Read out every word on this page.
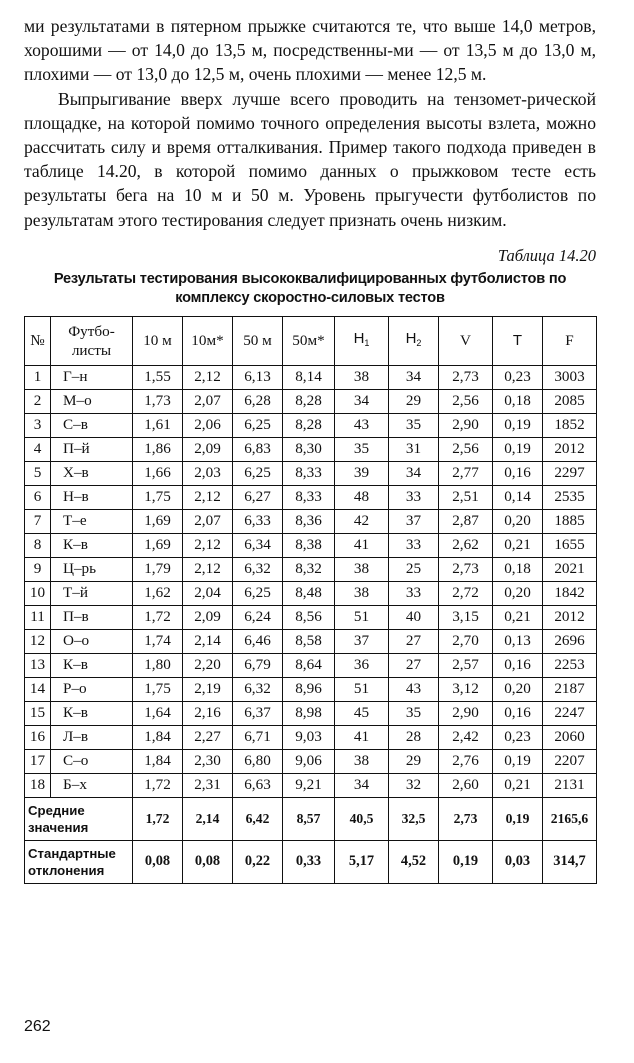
ми результатами в пятерном прыжке считаются те, что выше 14,0 метров, хорошими — от 14,0 до 13,5 м, посредственны-ми — от 13,5 м до 13,0 м, плохими — от 13,0 до 12,5 м, очень плохими — менее 12,5 м.

Выпрыгивание вверх лучше всего проводить на тензомет-рической площадке, на которой помимо точного определения высоты взлета, можно рассчитать силу и время отталкивания. Пример такого подхода приведен в таблице 14.20, в которой помимо данных о прыжковом тесте есть результаты бега на 10 м и 50 м. Уровень прыгучести футболистов по результатам этого тестирования следует признать очень низким.

Таблица 14.20
Результаты тестирования высококвалифицированных футболистов по комплексу скоростно-силовых тестов
№	Футбо-листы	10 м	10м*	50 м	50м*	$H_1$	$H_2$	V	T	F
1	Г–н	1,55	2,12	6,13	8,14	38	34	2,73	0,23	3003
2	М–о	1,73	2,07	6,28	8,28	34	29	2,56	0,18	2085
3	С–в	1,61	2,06	6,25	8,28	43	35	2,90	0,19	1852
4	П–й	1,86	2,09	6,83	8,30	35	31	2,56	0,19	2012
5	Х–в	1,66	2,03	6,25	8,33	39	34	2,77	0,16	2297
6	Н–в	1,75	2,12	6,27	8,33	48	33	2,51	0,14	2535
7	Т–е	1,69	2,07	6,33	8,36	42	37	2,87	0,20	1885
8	К–в	1,69	2,12	6,34	8,38	41	33	2,62	0,21	1655
9	Ц–рь	1,79	2,12	6,32	8,32	38	25	2,73	0,18	2021
10	Т–й	1,62	2,04	6,25	8,48	38	33	2,72	0,20	1842
11	П–в	1,72	2,09	6,24	8,56	51	40	3,15	0,21	2012
12	О–о	1,74	2,14	6,46	8,58	37	27	2,70	0,13	2696
13	К–в	1,80	2,20	6,79	8,64	36	27	2,57	0,16	2253
14	Р–о	1,75	2,19	6,32	8,96	51	43	3,12	0,20	2187
15	К–в	1,64	2,16	6,37	8,98	45	35	2,90	0,16	2247
16	Л–в	1,84	2,27	6,71	9,03	41	28	2,42	0,23	2060
17	С–о	1,84	2,30	6,80	9,06	38	29	2,76	0,19	2207
18	Б–х	1,72	2,31	6,63	9,21	34	32	2,60	0,21	2131
Средние значения		1,72	2,14	6,42	8,57	40,5	32,5	2,73	0,19	2165,6
Стандартные отклонения		0,08	0,08	0,22	0,33	5,17	4,52	0,19	0,03	314,7
262
